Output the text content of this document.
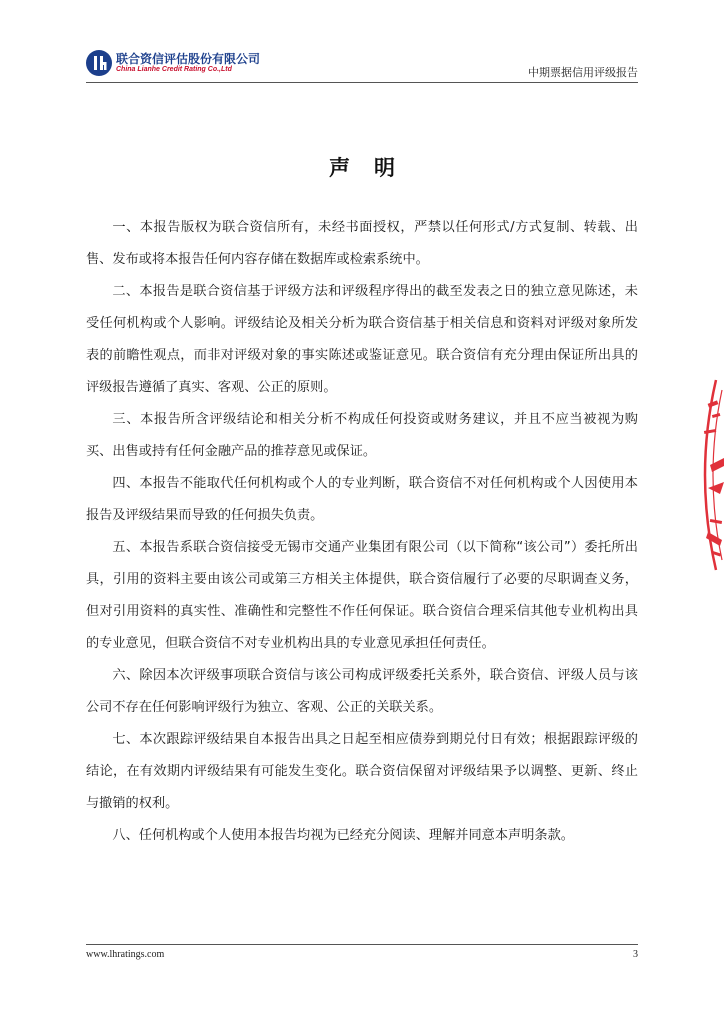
联合资信评估股份有限公司
China Lianhe Credit Rating Co.,Ltd	中期票据信用评级报告
声明

一、本报告版权为联合资信所有，未经书面授权，严禁以任何形式/方式复制、转载、出售、发布或将本报告任何内容存储在数据库或检索系统中。

二、本报告是联合资信基于评级方法和评级程序得出的截至发表之日的独立意见陈述，未受任何机构或个人影响。评级结论及相关分析为联合资信基于相关信息和资料对评级对象所发表的前瞻性观点，而非对评级对象的事实陈述或鉴证意见。联合资信有充分理由保证所出具的评级报告遵循了真实、客观、公正的原则。

三、本报告所含评级结论和相关分析不构成任何投资或财务建议，并且不应当被视为购买、出售或持有任何金融产品的推荐意见或保证。

四、本报告不能取代任何机构或个人的专业判断，联合资信不对任何机构或个人因使用本报告及评级结果而导致的任何损失负责。

五、本报告系联合资信接受无锡市交通产业集团有限公司（以下简称“该公司”）委托所出具，引用的资料主要由该公司或第三方相关主体提供，联合资信履行了必要的尽职调查义务，但对引用资料的真实性、准确性和完整性不作任何保证。联合资信合理采信其他专业机构出具的专业意见，但联合资信不对专业机构出具的专业意见承担任何责任。

六、除因本次评级事项联合资信与该公司构成评级委托关系外，联合资信、评级人员与该公司不存在任何影响评级行为独立、客观、公正的关联关系。

七、本次跟踪评级结果自本报告出具之日起至相应债券到期兑付日有效；根据跟踪评级的结论，在有效期内评级结果有可能发生变化。联合资信保留对评级结果予以调整、更新、终止与撤销的权利。

八、任何机构或个人使用本报告均视为已经充分阅读、理解并同意本声明条款。

www.lhratings.com	3
